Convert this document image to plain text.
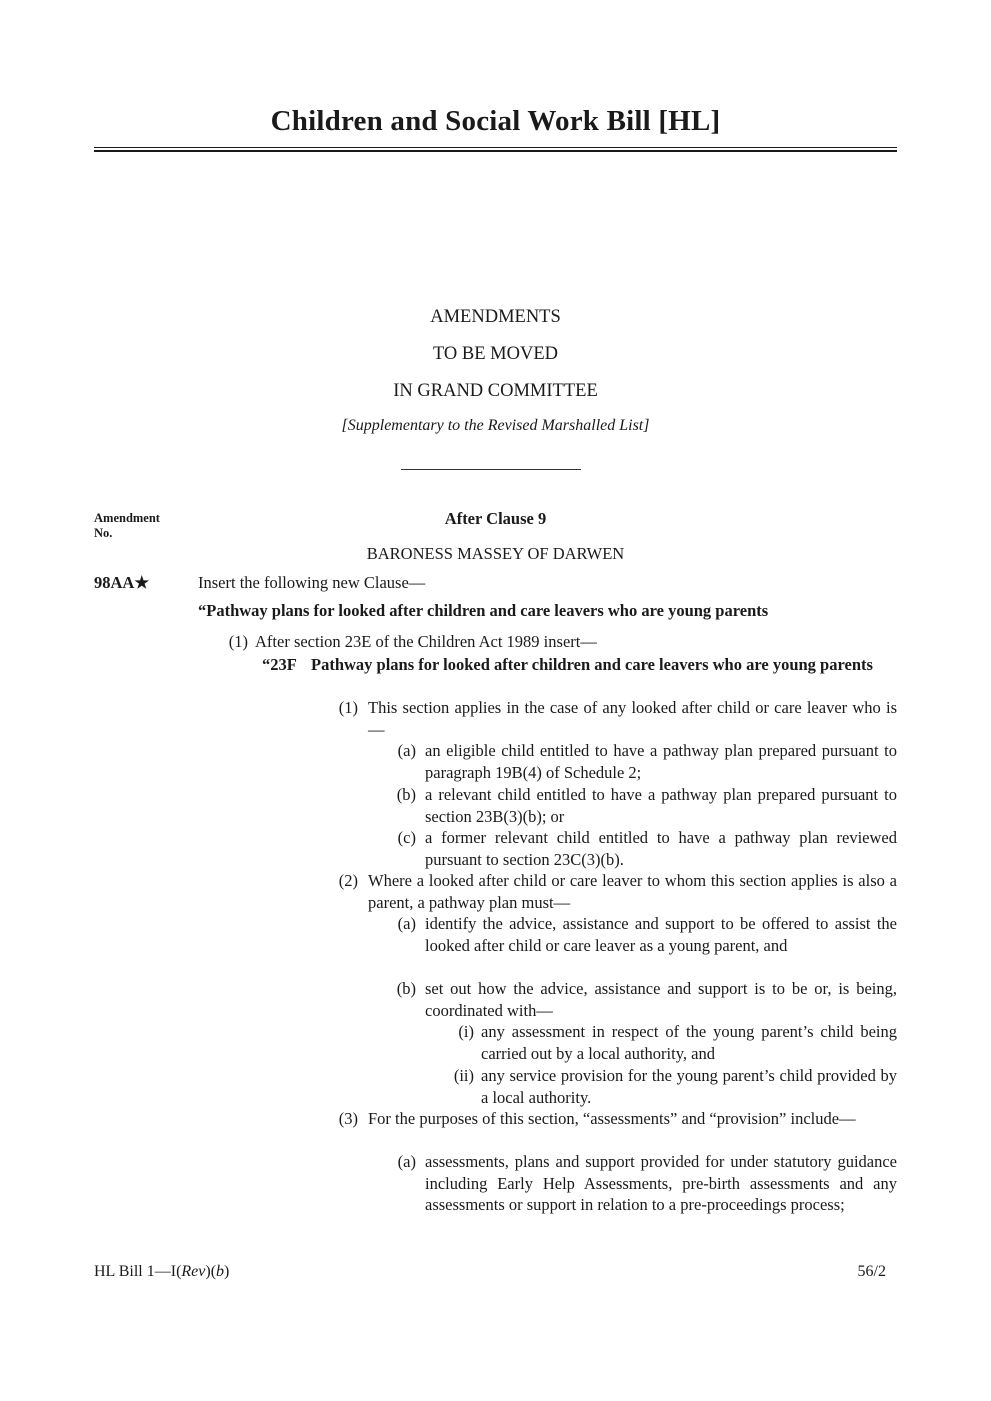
Children and Social Work Bill [HL]
AMENDMENTS
TO BE MOVED
IN GRAND COMMITTEE
[Supplementary to the Revised Marshalled List]
Amendment
No.
After Clause 9
BARONESS MASSEY OF DARWEN
98AA★	Insert the following new Clause—
“Pathway plans for looked after children and care leavers who are young parents
(1) After section 23E of the Children Act 1989 insert—
“23F Pathway plans for looked after children and care leavers who are young parents
(1) This section applies in the case of any looked after child or care leaver who is—
(a) an eligible child entitled to have a pathway plan prepared pursuant to paragraph 19B(4) of Schedule 2;
(b) a relevant child entitled to have a pathway plan prepared pursuant to section 23B(3)(b); or
(c) a former relevant child entitled to have a pathway plan reviewed pursuant to section 23C(3)(b).
(2) Where a looked after child or care leaver to whom this section applies is also a parent, a pathway plan must—
(a) identify the advice, assistance and support to be offered to assist the looked after child or care leaver as a young parent, and
(b) set out how the advice, assistance and support is to be or, is being, coordinated with—
(i) any assessment in respect of the young parent’s child being carried out by a local authority, and
(ii) any service provision for the young parent’s child provided by a local authority.
(3) For the purposes of this section, “assessments” and “provision” include—
(a) assessments, plans and support provided for under statutory guidance including Early Help Assessments, pre-birth assessments and any assessments or support in relation to a pre-proceedings process;
HL Bill 1—I(Rev)(b)	56/2
